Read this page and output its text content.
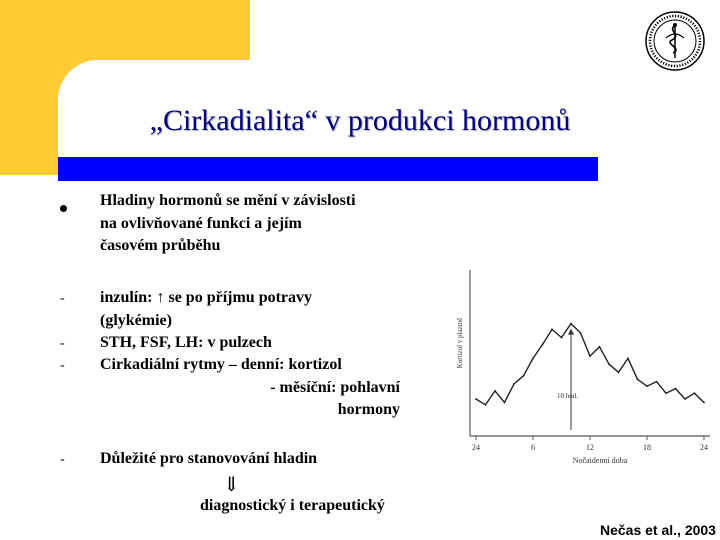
„Cirkadialita“ v produkci hormonů
Hladiny hormonů se mění v závislosti
na ovlivňované funkci a jejím
časovém průběhu
-	inzulín: ↑ se po příjmu potravy
(glykémie)
-	STH, FSF, LH: v pulzech
-	Cirkadiální rytmy – denní: kortizol

- měsíční: pohlavní
hormony
-	Důležité pro stanovování hladin
⇓
diagnostický i terapeutický
Nečas et al., 2003
24	6	12	18	24
Nočaidenní doba
Kortizol v plazmě
10 hod.
